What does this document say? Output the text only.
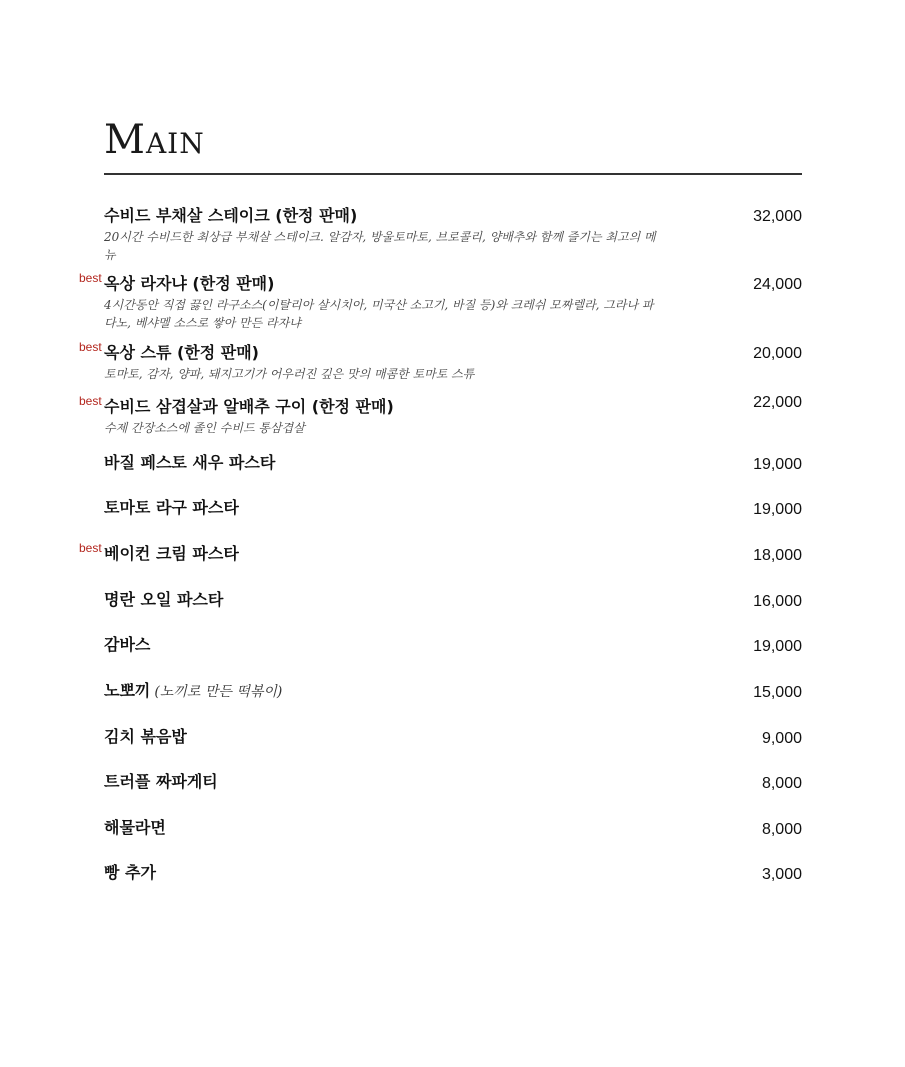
Main
수비드 부채살 스테이크 (한정 판매)	32,000
20시간 수비드한 최상급 부채살 스테이크. 알감자, 방울토마토, 브로콜리, 양배추와 함께 즐기는 최고의 메뉴
best 옥상 라자냐 (한정 판매)	24,000
4시간동안 직접 끓인 라구소스(이탈리아 살시치아, 미국산 소고기, 바질 등)와 크레쉬 모짜렐라, 그라나 파다노, 베샤멜 소스로 쌓아 만든 라자냐
best 옥상 스튜 (한정 판매)	20,000
토마토, 감자, 양파, 돼지고기가 어우러진 깊은 맛의 매콤한 토마토 스튜
best 수비드 삼겹살과 알배추 구이 (한정 판매)	22,000
수제 간장소스에 졸인 수비드 통삼겹살
바질 페스토 새우 파스타	19,000
토마토 라구 파스타	19,000
best 베이컨 크림 파스타	18,000
명란 오일 파스타	16,000
감바스	19,000
노뽀끼 (노끼로 만든 떡볶이)	15,000
김치 볶음밥	9,000
트러플 짜파게티	8,000
해물라면	8,000
빵 추가	3,000
